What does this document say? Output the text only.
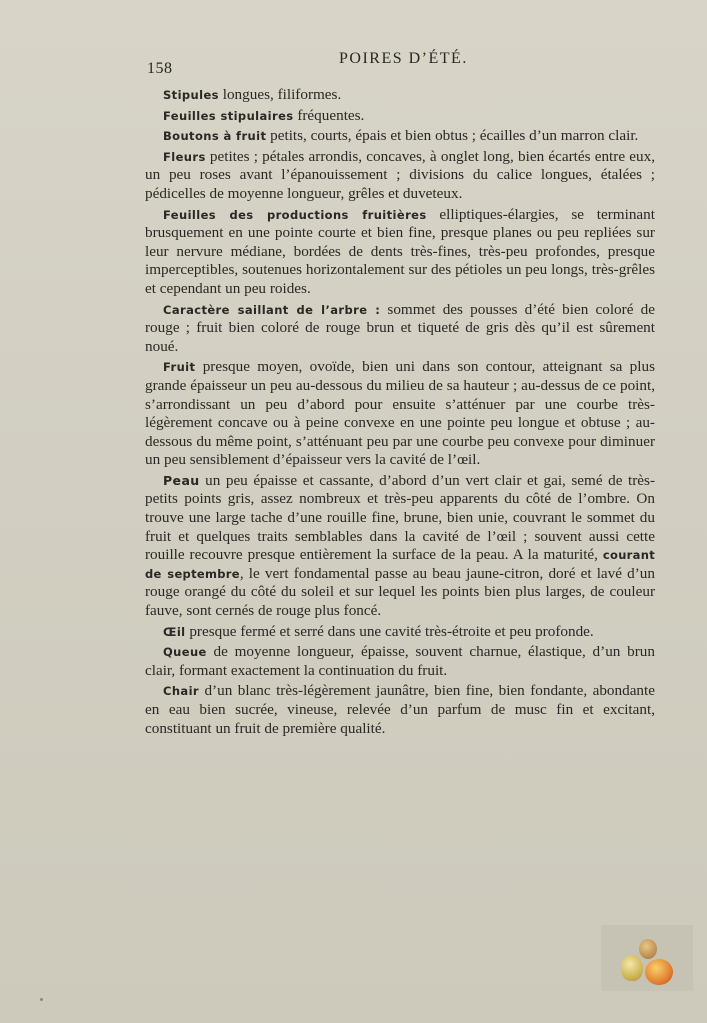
158
POIRES D’ÉTÉ.

Stipules longues, filiformes.

Feuilles stipulaires fréquentes.

Boutons à fruit petits, courts, épais et bien obtus ; écailles d’un marron clair.

Fleurs petites ; pétales arrondis, concaves, à onglet long, bien écartés entre eux, un peu roses avant l’épanouissement ; divisions du calice longues, étalées ; pédicelles de moyenne longueur, grêles et duveteux.

Feuilles des productions fruitières elliptiques-élargies, se terminant brusquement en une pointe courte et bien fine, presque planes ou peu repliées sur leur nervure médiane, bordées de dents très-fines, très-peu profondes, presque imperceptibles, soutenues horizontalement sur des pétioles un peu longs, très-grêles et cependant un peu roides.

Caractère saillant de l’arbre : sommet des pousses d’été bien coloré de rouge ; fruit bien coloré de rouge brun et tiqueté de gris dès qu’il est sûrement noué.

Fruit presque moyen, ovoïde, bien uni dans son contour, atteignant sa plus grande épaisseur un peu au-dessous du milieu de sa hauteur ; au-dessus de ce point, s’arrondissant un peu d’abord pour ensuite s’atténuer par une courbe très-légèrement concave ou à peine convexe en une pointe peu longue et obtuse ; au-dessous du même point, s’atténuant peu par une courbe peu convexe pour diminuer un peu sensiblement d’épaisseur vers la cavité de l’œil.

Peau un peu épaisse et cassante, d’abord d’un vert clair et gai, semé de très-petits points gris, assez nombreux et très-peu apparents du côté de l’ombre. On trouve une large tache d’une rouille fine, brune, bien unie, couvrant le sommet du fruit et quelques traits semblables dans la cavité de l’œil ; souvent aussi cette rouille recouvre presque entièrement la surface de la peau. A la maturité, courant de septembre, le vert fondamental passe au beau jaune-citron, doré et lavé d’un rouge orangé du côté du soleil et sur lequel les points bien plus larges, de couleur fauve, sont cernés de rouge plus foncé.

Œil presque fermé et serré dans une cavité très-étroite et peu profonde.

Queue de moyenne longueur, épaisse, souvent charnue, élastique, d’un brun clair, formant exactement la continuation du fruit.

Chair d’un blanc très-légèrement jaunâtre, bien fine, bien fondante, abondante en eau bien sucrée, vineuse, relevée d’un parfum de musc fin et excitant, constituant un fruit de première qualité.
